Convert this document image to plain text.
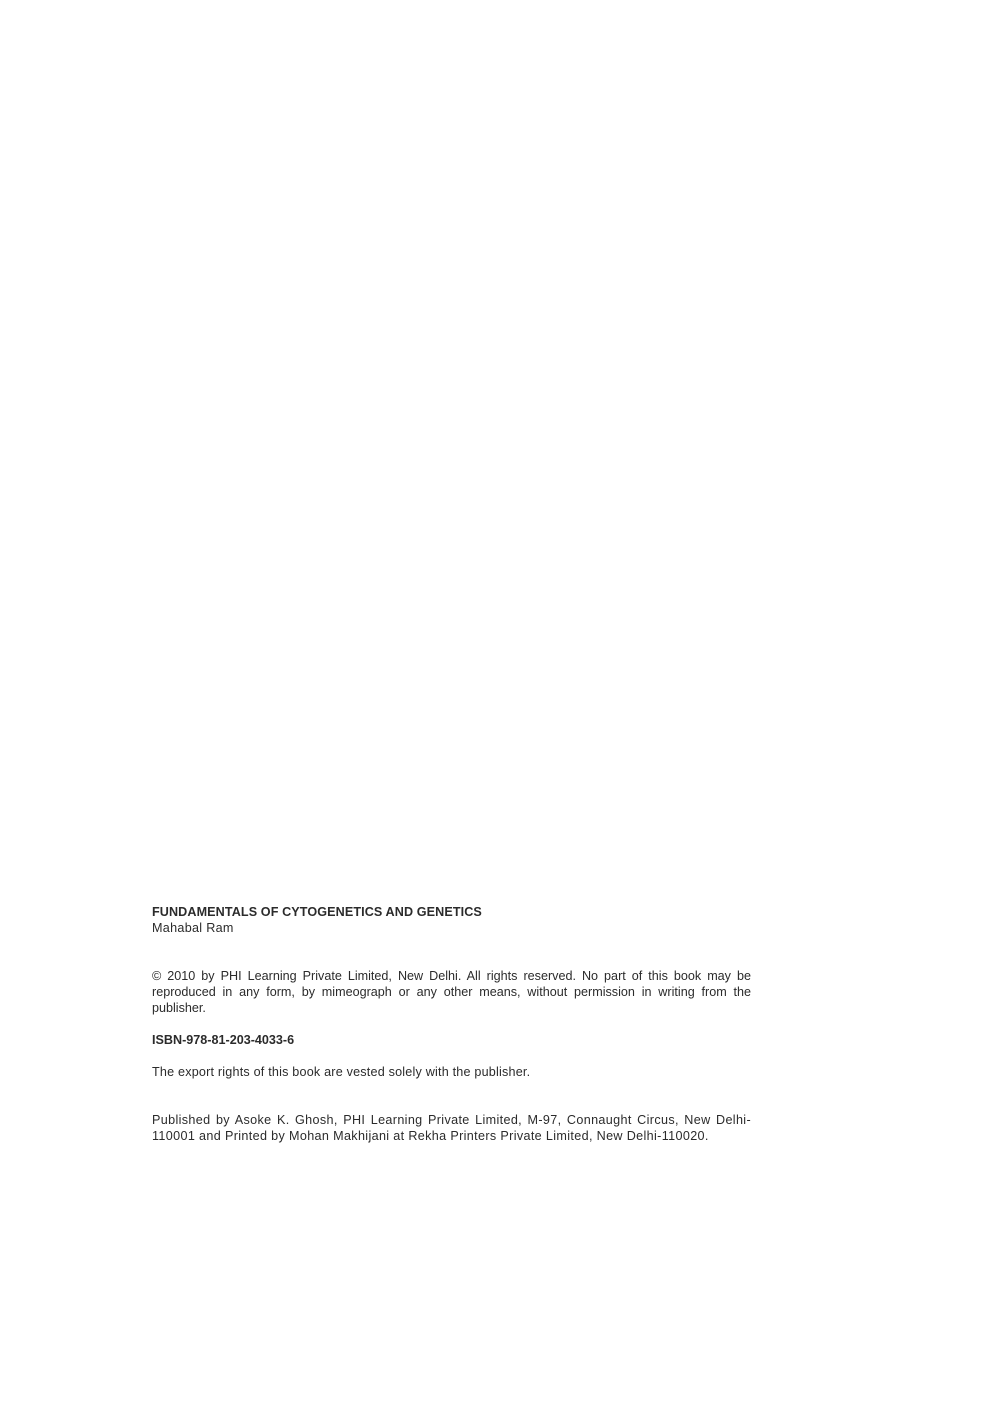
FUNDAMENTALS OF CYTOGENETICS AND GENETICS

Mahabal Ram

© 2010 by PHI Learning Private Limited, New Delhi. All rights reserved. No part of this book may be reproduced in any form, by mimeograph or any other means, without permission in writing from the publisher.

ISBN-978-81-203-4033-6

The export rights of this book are vested solely with the publisher.

Published by Asoke K. Ghosh, PHI Learning Private Limited, M-97, Connaught Circus, New Delhi-110001 and Printed by Mohan Makhijani at Rekha Printers Private Limited, New Delhi-110020.
